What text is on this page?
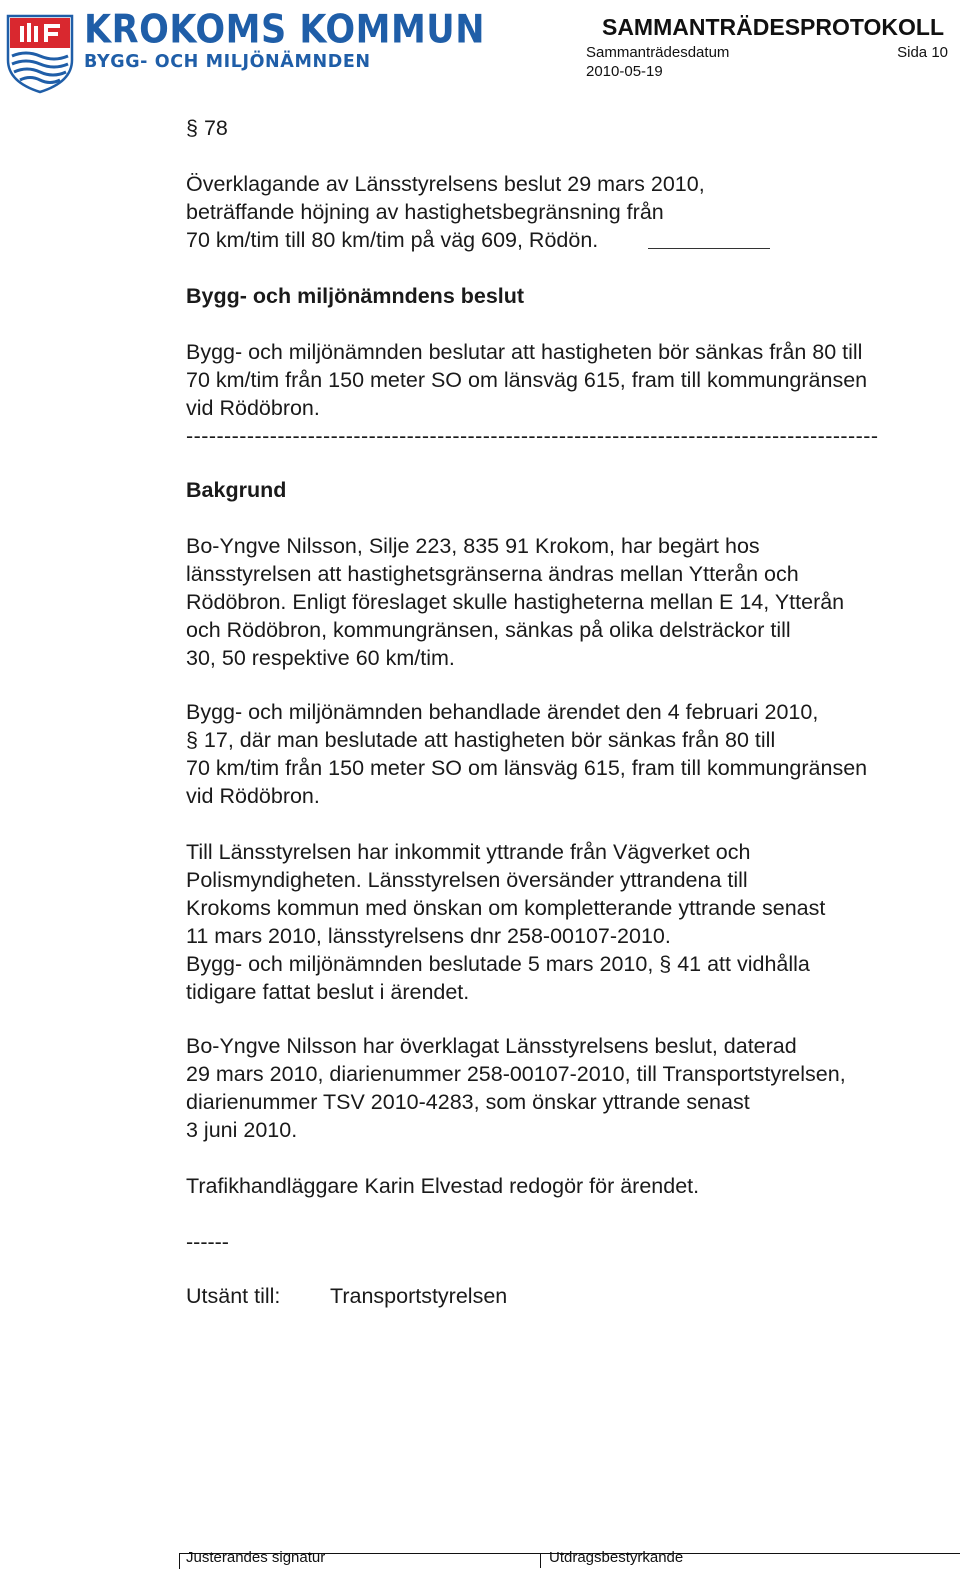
KROKOMS KOMMUN
BYGG- OCH MILJÖNÄMNDEN
SAMMANTRÄDESPROTOKOLL
Sammanträdesdatum	Sida 10
2010-05-19
§ 78

Överklagande av Länsstyrelsens beslut 29 mars 2010,

beträffande höjning av hastighetsbegränsning från

70 km/tim till 80 km/tim på väg 609, Rödön.

Bygg- och miljönämndens beslut

Bygg- och miljönämnden beslutar att hastigheten bör sänkas från 80 till

70 km/tim från 150 meter SO om länsväg 615, fram till kommungränsen

vid Rödöbron.

-------------------------------------------------------------------------------------------
Bakgrund

Bo-Yngve Nilsson, Silje 223, 835 91 Krokom, har begärt hos

länsstyrelsen att hastighetsgränserna ändras mellan Ytterån och

Rödöbron. Enligt föreslaget skulle hastigheterna mellan E 14, Ytterån

och Rödöbron, kommungränsen, sänkas på olika delsträckor till

30, 50 respektive 60 km/tim.

Bygg- och miljönämnden behandlade ärendet den 4 februari 2010,

§ 17, där man beslutade att hastigheten bör sänkas från 80 till

70 km/tim från 150 meter SO om länsväg 615, fram till kommungränsen

vid Rödöbron.

Till Länsstyrelsen har inkommit yttrande från Vägverket och

Polismyndigheten. Länsstyrelsen översänder yttrandena till

Krokoms kommun med önskan om kompletterande yttrande senast

11 mars 2010, länsstyrelsens dnr 258-00107-2010.

Bygg- och miljönämnden beslutade 5 mars 2010, § 41 att vidhålla

tidigare fattat beslut i ärendet.

Bo-Yngve Nilsson har överklagat Länsstyrelsens beslut, daterad

29 mars 2010, diarienummer 258-00107-2010, till Transportstyrelsen,

diarienummer TSV 2010-4283, som önskar yttrande senast

3 juni 2010.

Trafikhandläggare Karin Elvestad redogör för ärendet.
------
Utsänt till: Transportstyrelsen
Justerandes signatur	Utdragsbestyrkande
